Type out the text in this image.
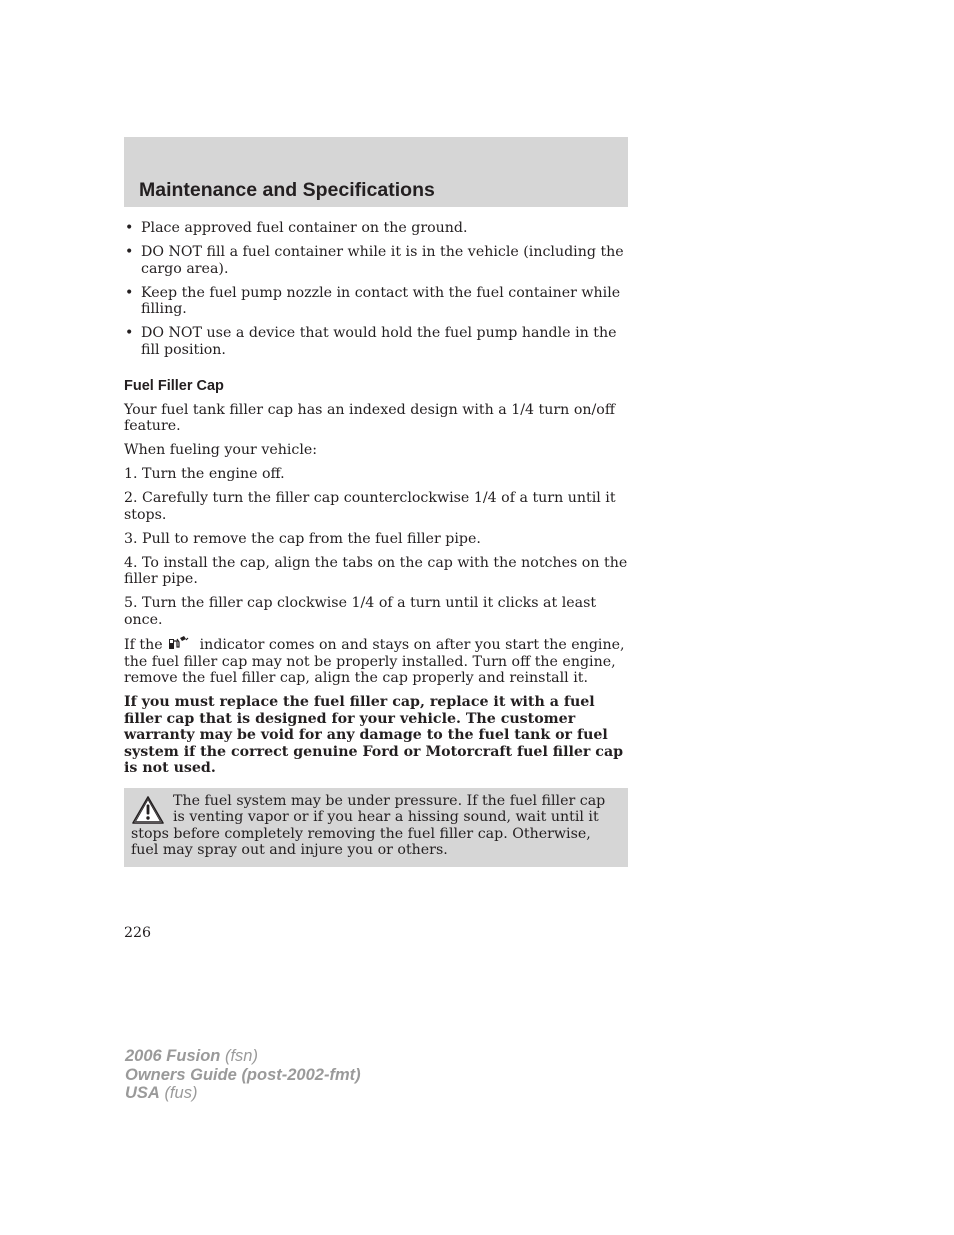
Maintenance and Specifications
• Place approved fuel container on the ground.
• DO NOT fill a fuel container while it is in the vehicle (including the cargo area).
• Keep the fuel pump nozzle in contact with the fuel container while filling.
• DO NOT use a device that would hold the fuel pump handle in the fill position.
Fuel Filler Cap

Your fuel tank filler cap has an indexed design with a 1/4 turn on/off feature.

When fueling your vehicle:

1. Turn the engine off.

2. Carefully turn the filler cap counterclockwise 1/4 of a turn until it stops.

3. Pull to remove the cap from the fuel filler pipe.

4. To install the cap, align the tabs on the cap with the notches on the filler pipe.

5. Turn the filler cap clockwise 1/4 of a turn until it clicks at least once.

If the	indicator comes on and stays on after you start the engine, the fuel filler cap may not be properly installed. Turn off the engine, remove the fuel filler cap, align the cap properly and reinstall it.

If you must replace the fuel filler cap, replace it with a fuel filler cap that is designed for your vehicle. The customer warranty may be void for any damage to the fuel tank or fuel system if the correct genuine Ford or Motorcraft fuel filler cap is not used.

The fuel system may be under pressure. If the fuel filler cap is venting vapor or if you hear a hissing sound, wait until it stops before completely removing the fuel filler cap. Otherwise, fuel may spray out and injure you or others.
226
2006 Fusion (fsn)
Owners Guide (post-2002-fmt)
USA (fus)
